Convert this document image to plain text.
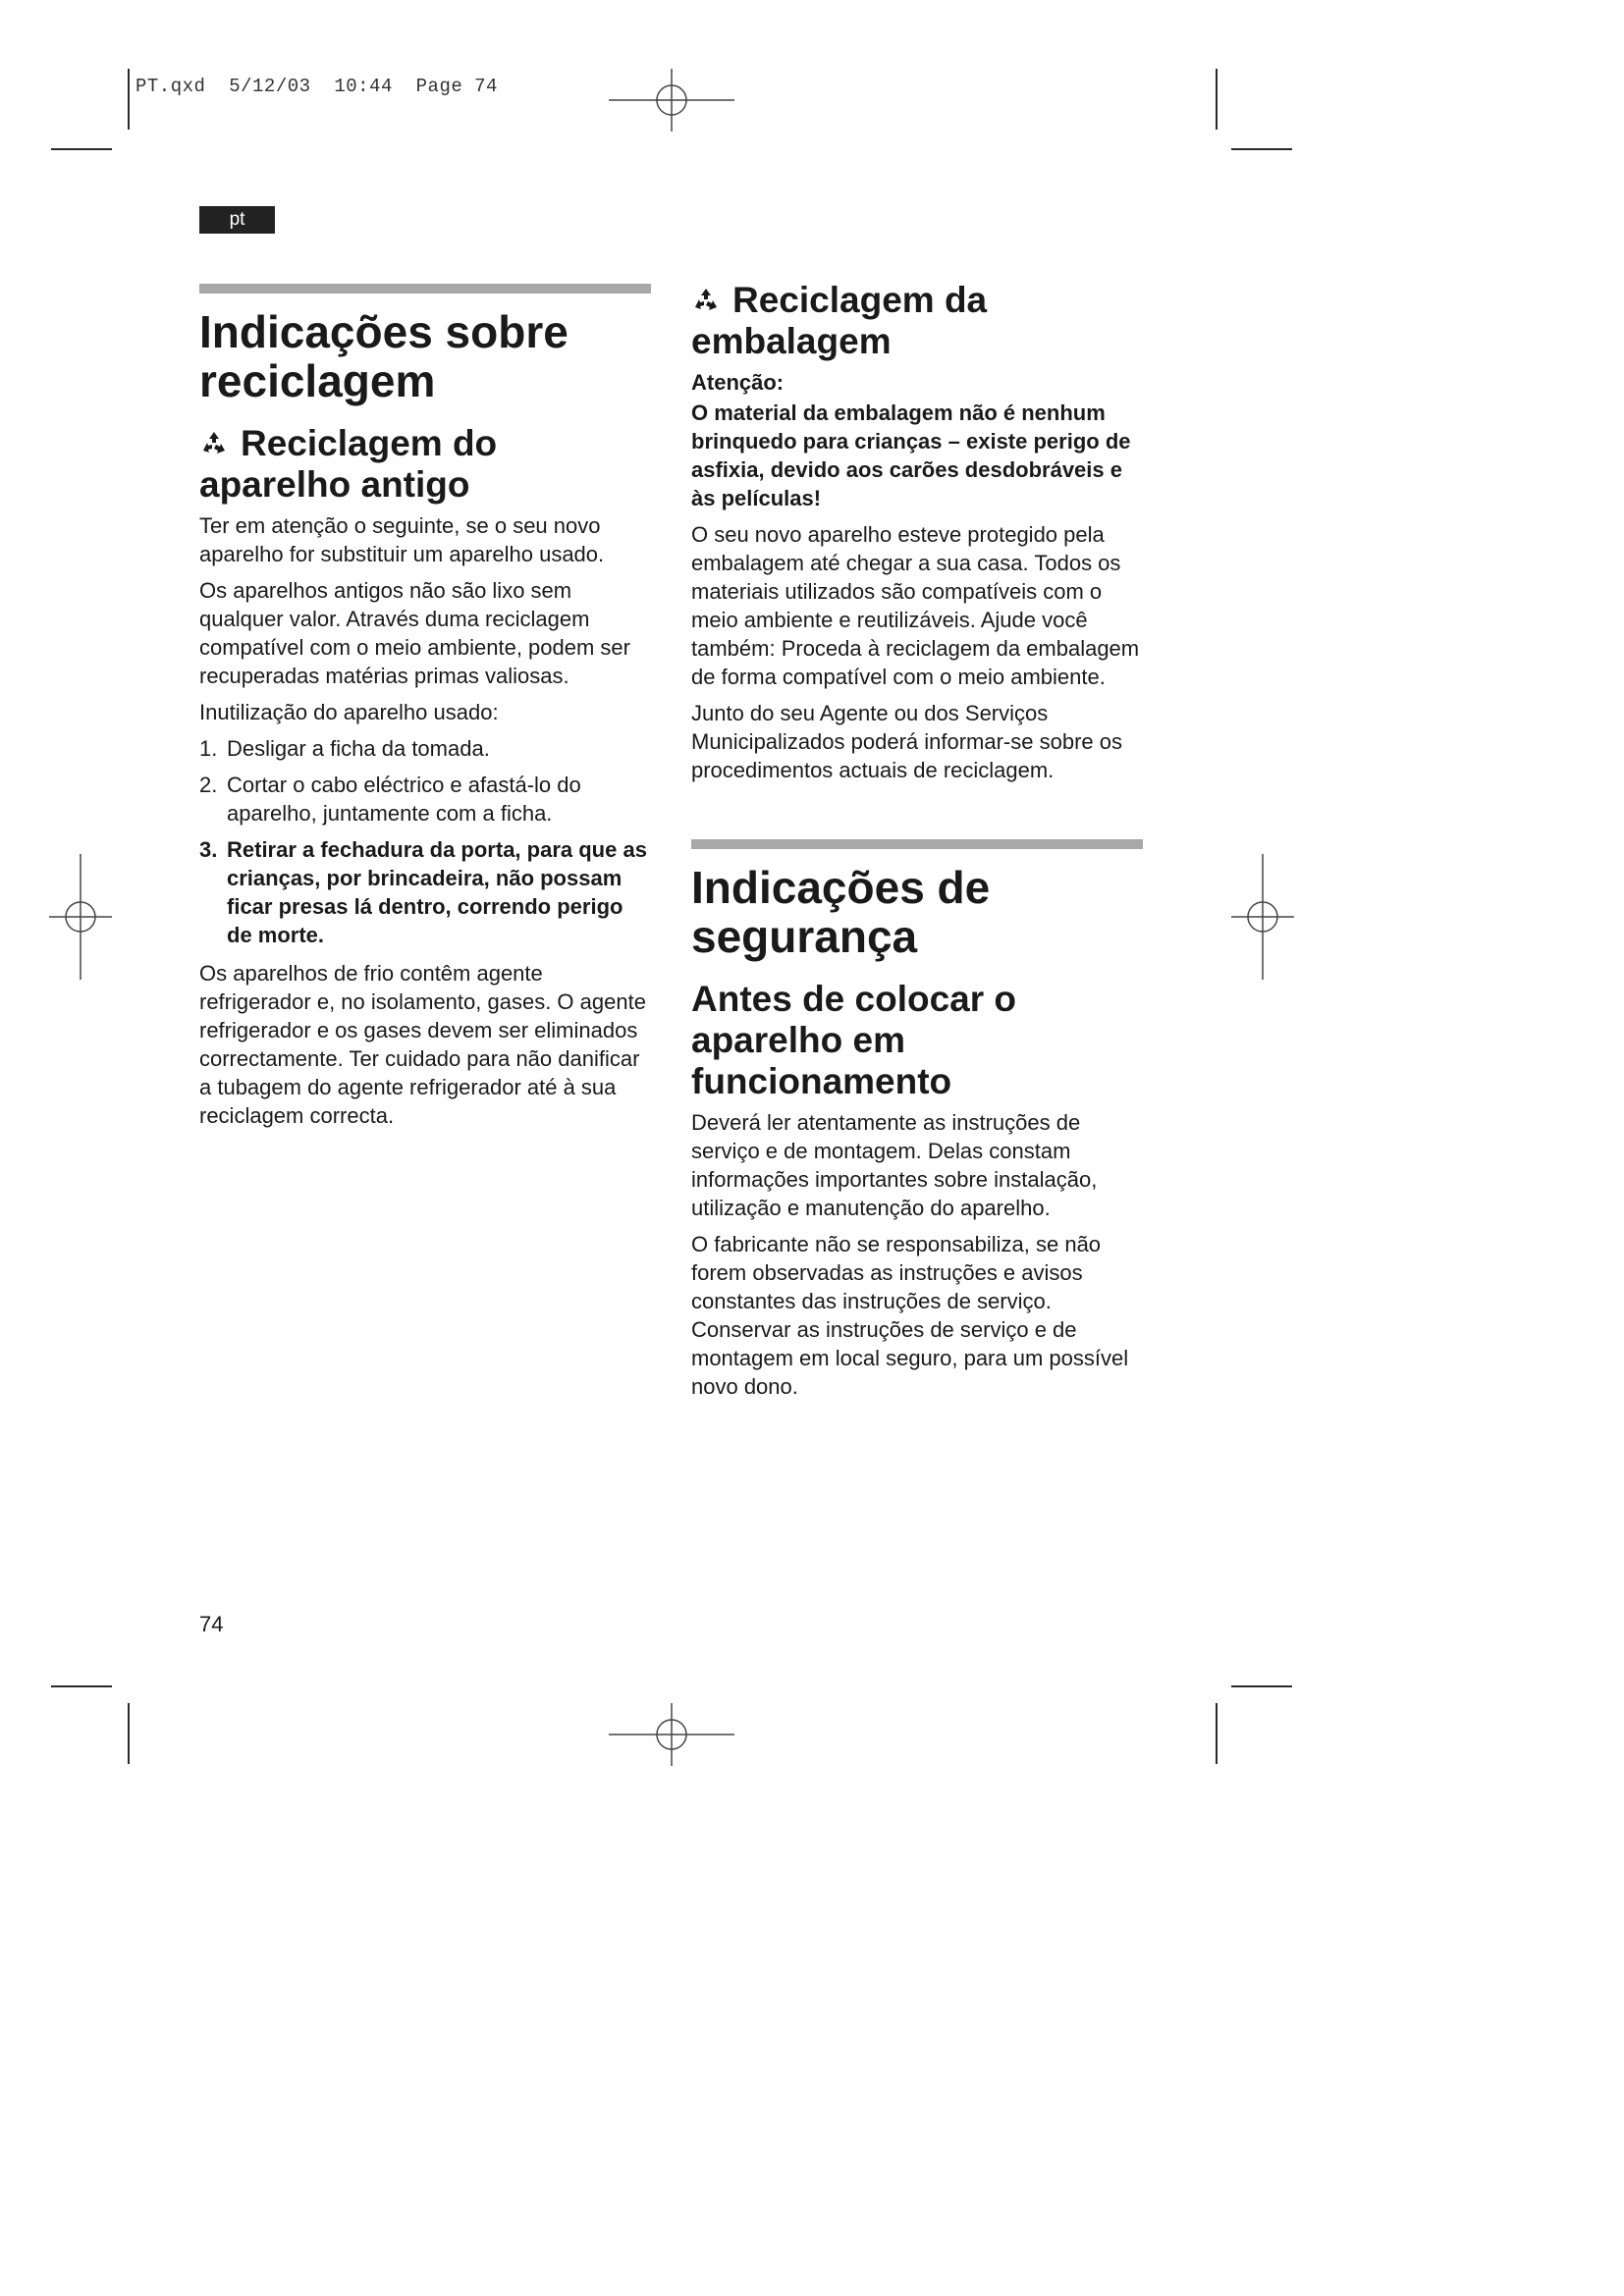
PT.qxd  5/12/03  10:44  Page 74
pt
Indicações sobre reciclagem
Reciclagem do aparelho antigo

Ter em atenção o seguinte, se o seu novo aparelho for substituir um aparelho usado.

Os aparelhos antigos não são lixo sem qualquer valor. Através duma reciclagem compatível com o meio ambiente, podem ser recuperadas matérias primas valiosas.

Inutilização do aparelho usado:

1. Desligar a ficha da tomada.
2. Cortar o cabo eléctrico e afastá-lo do aparelho, juntamente com a ficha.
3. Retirar a fechadura da porta, para que as crianças, por brincadeira, não possam ficar presas lá dentro, correndo perigo de morte.

Os aparelhos de frio contêm agente refrigerador e, no isolamento, gases. O agente refrigerador e os gases devem ser eliminados correctamente. Ter cuidado para não danificar a tubagem do agente refrigerador até à sua reciclagem correcta.

Reciclagem da embalagem

Atenção:

O material da embalagem não é nenhum brinquedo para crianças – existe perigo de asfixia, devido aos carões desdobráveis e às películas!

O seu novo aparelho esteve protegido pela embalagem até chegar a sua casa. Todos os materiais utilizados são compatíveis com o meio ambiente e reutilizáveis. Ajude você também: Proceda à reciclagem da embalagem de forma compatível com o meio ambiente.

Junto do seu Agente ou dos Serviços Municipalizados poderá informar-se sobre os procedimentos actuais de reciclagem.

Indicações de segurança
Antes de colocar o aparelho em funcionamento

Deverá ler atentamente as instruções de serviço e de montagem. Delas constam informações importantes sobre instalação, utilização e manutenção do aparelho.

O fabricante não se responsabiliza, se não forem observadas as instruções e avisos constantes das instruções de serviço. Conservar as instruções de serviço e de montagem em local seguro, para um possível novo dono.

74
